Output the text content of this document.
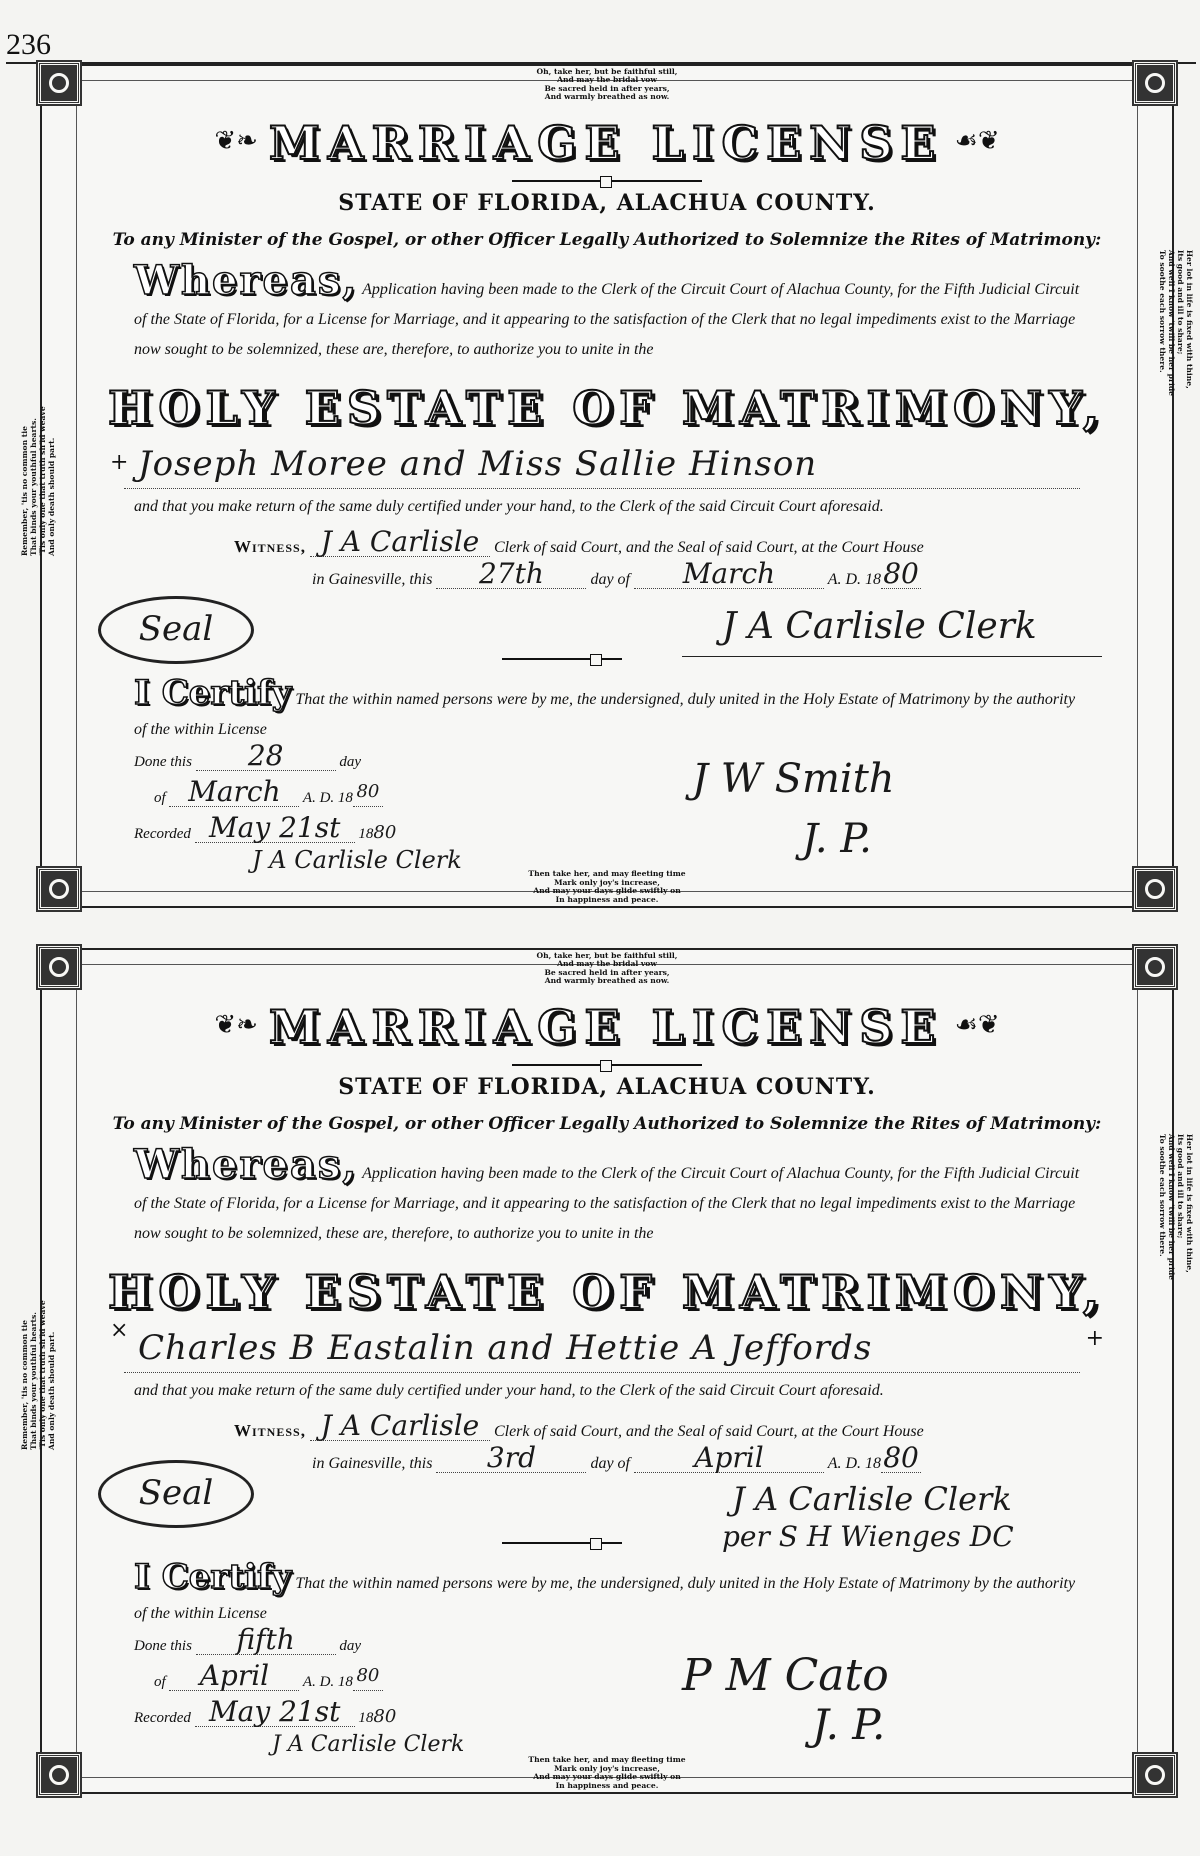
236
Oh, take her, but be faithful still,
And may the bridal vow
Be sacred held in after years,
And warmly breathed as now.
Remember, 'tis no common tie That binds your youthful hearts. 'Tis only one that truth sh'ld weave And only death should part.
Her lot in life is fixed with thine,
Its good and ill to share;
And well I know 'twill be her pride
To soothe each sorrow there.
❦❧ MARRIAGE LICENSE ☙❦
STATE OF FLORIDA, ALACHUA COUNTY.
To any Minister of the Gospel, or other Officer Legally Authorized to Solemnize the Rites of Matrimony:
Whereas, Application having been made to the Clerk of the Circuit Court of Alachua County, for the Fifth Judicial Circuit of the State of Florida, for a License for Marriage, and it appearing to the satisfaction of the Clerk that no legal impediments exist to the Marriage now sought to be solemnized, these are, therefore, to authorize you to unite in the
HOLY ESTATE OF MATRIMONY,
+ Joseph Moree and Miss Sallie Hinson
and that you make return of the same duly certified under your hand, to the Clerk of the said Circuit Court aforesaid.
Witness, J A Carlisle Clerk of said Court, and the Seal of said Court, at the Court House
in Gainesville, this 27th	day of March	A. D. 1880
Seal	J A Carlisle Clerk
I Certify That the within named persons were by me, the undersigned, duly united in the Holy Estate of Matrimony by the authority of the within License
Done this 28	day
of March A. D. 18 80
Recorded May 21st 1880
J A Carlisle Clerk
J W Smith
J. P.
Then take her, and may fleeting time
Mark only joy's increase,
And may your days glide swiftly on
In happiness and peace.
Oh, take her, but be faithful still,
And may the bridal vow
Be sacred held in after years,
And warmly breathed as now.
Remember, 'tis no common tie That binds your youthful hearts. 'Tis only one that truth sh'ld weave And only death should part.
Her lot in life is fixed with thine,
Its good and ill to share;
And well I know 'twill be her pride
To soothe each sorrow there.
❦❧ MARRIAGE LICENSE ☙❦
STATE OF FLORIDA, ALACHUA COUNTY.
To any Minister of the Gospel, or other Officer Legally Authorized to Solemnize the Rites of Matrimony:
Whereas, Application having been made to the Clerk of the Circuit Court of Alachua County, for the Fifth Judicial Circuit of the State of Florida, for a License for Marriage, and it appearing to the satisfaction of the Clerk that no legal impediments exist to the Marriage now sought to be solemnized, these are, therefore, to authorize you to unite in the
HOLY ESTATE OF MATRIMONY,
× Charles B Eastalin and Hettie A Jeffords	+
and that you make return of the same duly certified under your hand, to the Clerk of the said Circuit Court aforesaid.
Witness, J A Carlisle Clerk of said Court, and the Seal of said Court, at the Court House
in Gainesville, this 3rd	day of April	A. D. 1880
Seal	J A Carlisle Clerk
per S H Wienges DC
I Certify That the within named persons were by me, the undersigned, duly united in the Holy Estate of Matrimony by the authority of the within License
Done this fifth	day
of April A. D. 18 80
Recorded May 21st 1880
J A Carlisle Clerk
P M Cato
J. P.
Then take her, and may fleeting time
Mark only joy's increase,
And may your days glide swiftly on
In happiness and peace.
